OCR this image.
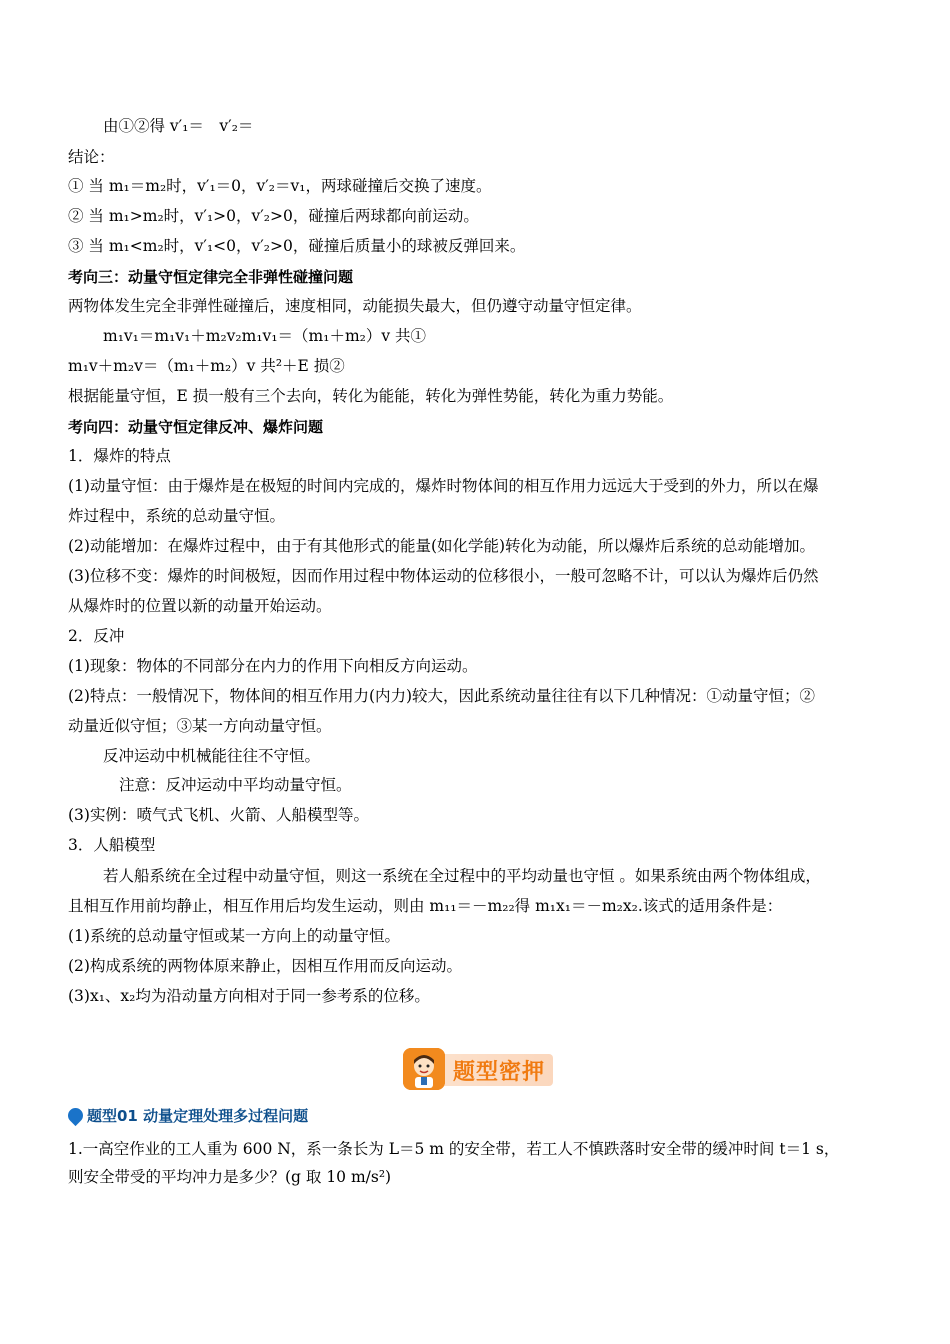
由①②得 v′₁＝　v′₂＝
结论：
① 当 m₁＝m₂时，v′₁＝0，v′₂＝v₁，两球碰撞后交换了速度。
② 当 m₁>m₂时，v′₁>0，v′₂>0，碰撞后两球都向前运动。
③ 当 m₁<m₂时，v′₁<0，v′₂>0，碰撞后质量小的球被反弹回来。
考向三：动量守恒定律完全非弹性碰撞问题
两物体发生完全非弹性碰撞后，速度相同，动能损失最大，但仍遵守动量守恒定律。
m₁v₁＝m₁v₁＋m₂v₂m₁v₁＝（m₁＋m₂）v 共①
m₁v＋m₂v＝（m₁＋m₂）v 共²＋E 损②
根据能量守恒，E 损一般有三个去向，转化为能能，转化为弹性势能，转化为重力势能。
考向四：动量守恒定律反冲、爆炸问题
1．爆炸的特点
(1)动量守恒：由于爆炸是在极短的时间内完成的，爆炸时物体间的相互作用力远远大于受到的外力，所以在爆
炸过程中，系统的总动量守恒。
(2)动能增加：在爆炸过程中，由于有其他形式的能量(如化学能)转化为动能，所以爆炸后系统的总动能增加。
(3)位移不变：爆炸的时间极短，因而作用过程中物体运动的位移很小，一般可忽略不计，可以认为爆炸后仍然
从爆炸时的位置以新的动量开始运动。
2．反冲
(1)现象：物体的不同部分在内力的作用下向相反方向运动。
(2)特点：一般情况下，物体间的相互作用力(内力)较大，因此系统动量往往有以下几种情况：①动量守恒；②
动量近似守恒；③某一方向动量守恒。
反冲运动中机械能往往不守恒。
注意：反冲运动中平均动量守恒。
(3)实例：喷气式飞机、火箭、人船模型等。
3．人船模型
若人船系统在全过程中动量守恒，则这一系统在全过程中的平均动量也守恒 。如果系统由两个物体组成，
且相互作用前均静止，相互作用后均发生运动，则由 m₁₁＝－m₂₂得 m₁x₁＝－m₂x₂.该式的适用条件是：
(1)系统的总动量守恒或某一方向上的动量守恒。
(2)构成系统的两物体原来静止，因相互作用而反向运动。
(3)x₁、x₂均为沿动量方向相对于同一参考系的位移。
1.一高空作业的工人重为 600 N，系一条长为 L＝5 m 的安全带，若工人不慎跌落时安全带的缓冲时间 t＝1 s，
则安全带受的平均冲力是多少？(g 取 10 m/s²)
题型密押
题型01 动量定理处理多过程问题
